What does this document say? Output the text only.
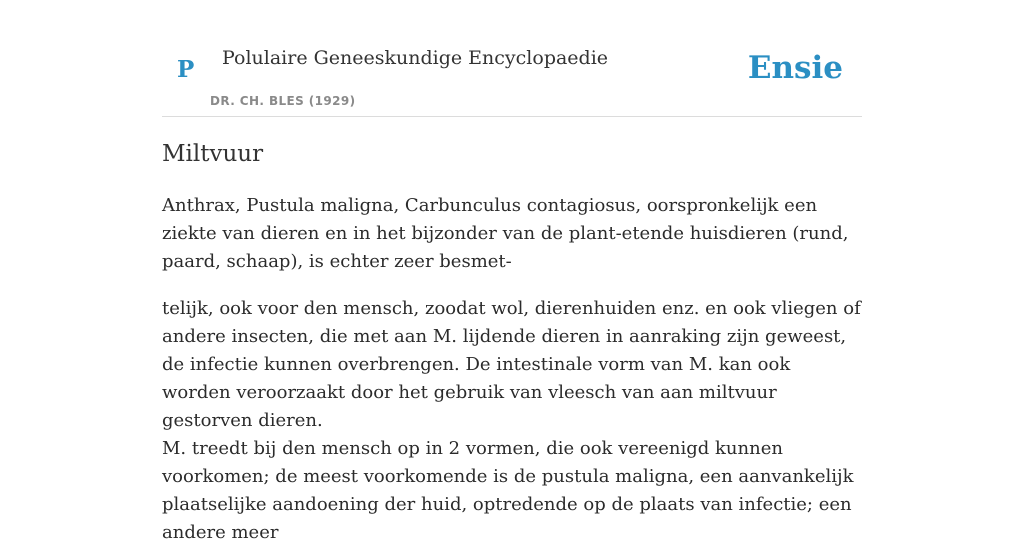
P Polulaire Geneeskundige Encyclopaedie
DR. CH. BLES (1929)
Ensie
Miltvuur

Anthrax, Pustula maligna, Carbunculus contagiosus, oorspronkelijk een ziekte van dieren en in het bijzonder van de plant-etende huisdieren (rund, paard, schaap), is echter zeer besmet-

telijk, ook voor den mensch, zoodat wol, dierenhuiden enz. en ook vliegen of andere insecten, die met aan M. lijdende dieren in aanraking zijn geweest, de infectie kunnen overbrengen. De intestinale vorm van M. kan ook worden veroorzaakt door het gebruik van vleesch van aan miltvuur gestorven dieren.

M. treedt bij den mensch op in 2 vormen, die ook vereenigd kunnen voorkomen; de meest voorkomende is de pustula maligna, een aanvankelijk plaatselijke aandoening der huid, optredende op de plaats van infectie; een andere meer
